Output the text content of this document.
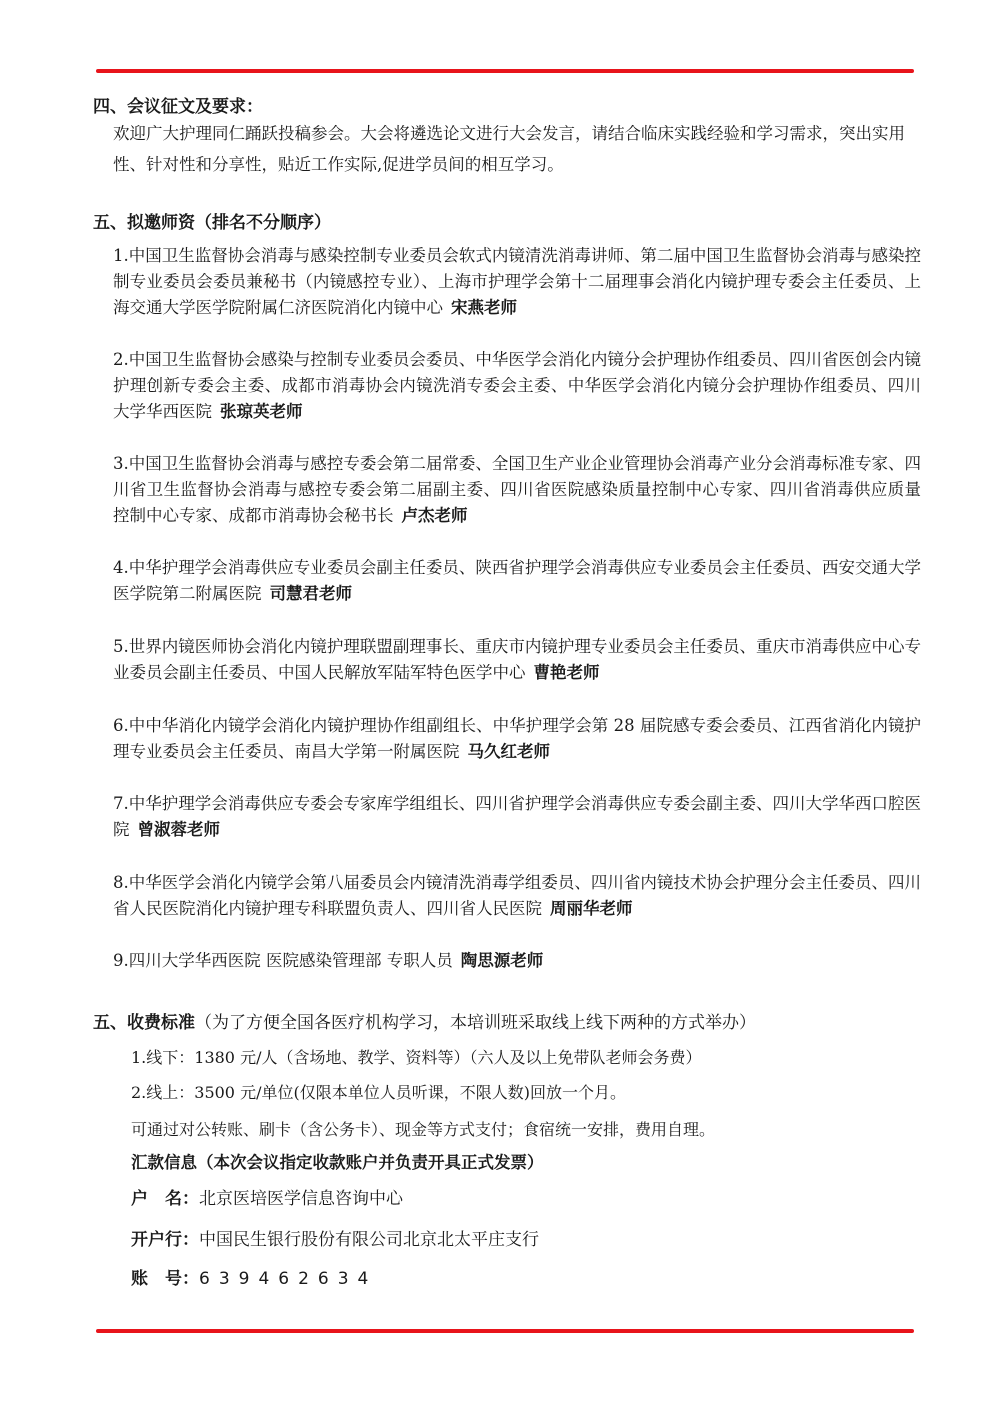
四、会议征文及要求：
欢迎广大护理同仁踊跃投稿参会。大会将遴选论文进行大会发言，请结合临床实践经验和学习需求，突出实用性、针对性和分享性，贴近工作实际,促进学员间的相互学习。
五、拟邀师资（排名不分顺序）
1.中国卫生监督协会消毒与感染控制专业委员会软式内镜清洗消毒讲师、第二届中国卫生监督协会消毒与感染控制专业委员会委员兼秘书（内镜感控专业）、上海市护理学会第十二届理事会消化内镜护理专委会主任委员、上海交通大学医学院附属仁济医院消化内镜中心 宋燕老师
2.中国卫生监督协会感染与控制专业委员会委员、中华医学会消化内镜分会护理协作组委员、四川省医创会内镜护理创新专委会主委、成都市消毒协会内镜洗消专委会主委、中华医学会消化内镜分会护理协作组委员、四川大学华西医院 张琼英老师
3.中国卫生监督协会消毒与感控专委会第二届常委、全国卫生产业企业管理协会消毒产业分会消毒标准专家、四川省卫生监督协会消毒与感控专委会第二届副主委、四川省医院感染质量控制中心专家、四川省消毒供应质量控制中心专家、成都市消毒协会秘书长 卢杰老师
4.中华护理学会消毒供应专业委员会副主任委员、陕西省护理学会消毒供应专业委员会主任委员、西安交通大学医学院第二附属医院 司慧君老师
5.世界内镜医师协会消化内镜护理联盟副理事长、重庆市内镜护理专业委员会主任委员、重庆市消毒供应中心专业委员会副主任委员、中国人民解放军陆军特色医学中心 曹艳老师
6.中中华消化内镜学会消化内镜护理协作组副组长、中华护理学会第 28 届院感专委会委员、江西省消化内镜护理专业委员会主任委员、南昌大学第一附属医院 马久红老师
7.中华护理学会消毒供应专委会专家库学组组长、四川省护理学会消毒供应专委会副主委、四川大学华西口腔医院 曾淑蓉老师
8.中华医学会消化内镜学会第八届委员会内镜清洗消毒学组委员、四川省内镜技术协会护理分会主任委员、四川省人民医院消化内镜护理专科联盟负责人、四川省人民医院 周丽华老师
9.四川大学华西医院 医院感染管理部 专职人员 陶思源老师
五、收费标准（为了方便全国各医疗机构学习，本培训班采取线上线下两种的方式举办）
1.线下：1380 元/人（含场地、教学、资料等）（六人及以上免带队老师会务费）
2.线上：3500 元/单位(仅限本单位人员听课，不限人数)回放一个月。
可通过对公转账、刷卡（含公务卡）、现金等方式支付；食宿统一安排，费用自理。
汇款信息（本次会议指定收款账户并负责开具正式发票）
户　名：北京医培医学信息咨询中心
开户行：中国民生银行股份有限公司北京北太平庄支行
账　号：639462634
